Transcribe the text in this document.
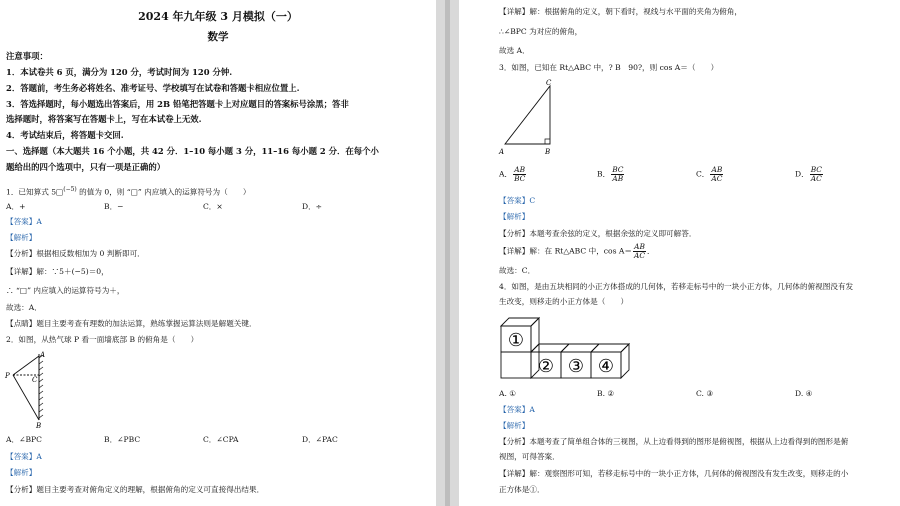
2024 年九年级 3 月模拟（一）
数学
注意事项：
1．本试卷共 6 页，满分为 120 分，考试时间为 120 分钟.
2．答题前，考生务必将姓名、准考证号、学校填写在试卷和答题卡相应位置上.
3．答选择题时，每小题选出答案后，用 2B 铅笔把答题卡上对应题目的答案标号涂黑；答非
选择题时，将答案写在答题卡上，写在本试卷上无效.
4．考试结束后，将答题卡交回.
一、选择题（本大题共 16 个小题，共 42 分．1–10 每小题 3 分，11–16 每小题 2 分．在每个小
题给出的四个选项中，只有一项是正确的）
1．已知算式 5□$^{(-5)}$ 的值为 0，则 “□” 内应填入的运算符号为（　　）
A．+	B．−	C．×	D．÷
【答案】A
【解析】
【分析】根据相反数相加为 0 判断即可．
【详解】解：∵5＋(−5)＝0，
∴ “□” 内应填入的运算符号为＋，
故选：A．
【点睛】题目主要考查有理数的加法运算，熟练掌握运算法则是解题关键．
2．如图，从热气球 P 看一面墙底部 B 的俯角是（　　）
A
P	C
B
A．∠BPC	B．∠PBC	C．∠CPA	D．∠PAC
【答案】A
【解析】
【分析】题目主要考查对俯角定义的理解，根据俯角的定义可直接得出结果．
【详解】解：根据俯角的定义，朝下看时，视线与水平面的夹角为俯角，
∴∠BPC 为对应的俯角，
故选 A．
3．如图，已知在 Rt△ABC 中，? B　90?，则 cos A＝（　　）
C
A	B
A． $\frac{AB}{BC}$	B． $\frac{BC}{AB}$	C． $\frac{AB}{AC}$	D． $\frac{BC}{AC}$
【答案】C
【解析】
【分析】本题考查余弦的定义，根据余弦的定义即可解答．
【详解】解：在 Rt△ABC 中，$\cos A= \frac{AB}{AC}$ ．
故选：C．
4．如图，是由五块相同的小正方体搭成的几何体，若移走标号中的一块小正方体，几何体的俯视图没有发
生改变，则移走的小正方体是（　　）
①
② ③ ④
A. ①	B. ②	C. ③	D. ④
【答案】A
【解析】
【分析】本题考查了简单组合体的三视图，从上边看得到的图形是俯视图，根据从上边看得到的图形是俯
视图，可得答案．
【详解】解：观察图形可知，若移走标号中的一块小正方体，几何体的俯视图没有发生改变，则移走的小
正方体是①．
